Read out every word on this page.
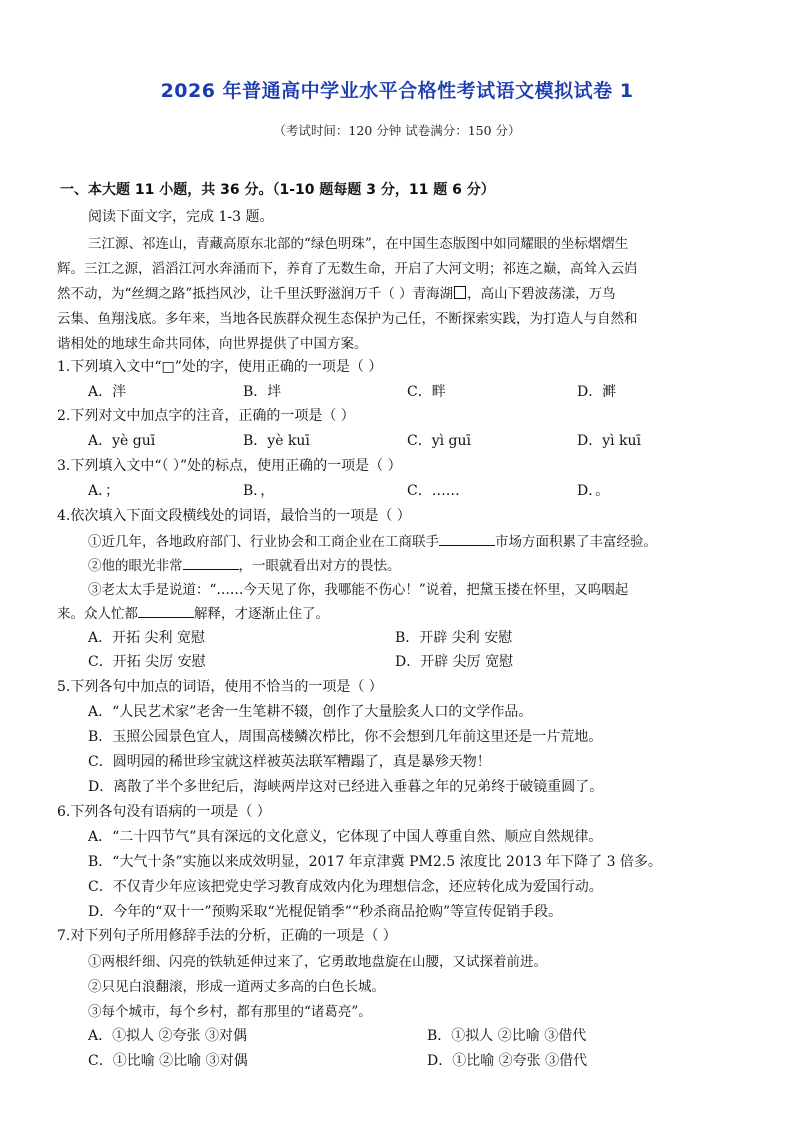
2026 年普通高中学业水平合格性考试语文模拟试卷 1
（考试时间：120 分钟 试卷满分：150 分）
一、本大题 11 小题，共 36 分。（1-10 题每题 3 分，11 题 6 分）
阅读下面文字，完成 1-3 题。
三江源、祁连山，青藏高原东北部的“绿色明珠”，在中国生态版图中如同耀眼的坐标熠熠生
辉。三江之源，滔滔江河水奔涌而下，养育了无数生命，开启了大河文明；祁连之巅，高耸入云岿
然不动，为“丝绸之路”抵挡风沙，让千里沃野滋润万千（ ）青海湖 ，高山下碧波荡漾，万鸟
云集、鱼翔浅底。多年来，当地各民族群众视生态保护为己任，不断探索实践，为打造人与自然和
谐相处的地球生命共同体，向世界提供了中国方案。
1.下列填入文中“□”处的字，使用正确的一项是（ ）
A．泮	B．坢	C．畔	D．溿
2.下列对文中加点字的注音，正确的一项是（ ）
A．yè guī	B．yè kuī	C．yì guī	D．yì kuī
3.下列填入文中“（ ）”处的标点，使用正确的一项是（ ）
A．；	B．，	C．……	D．。
4.依次填入下面文段横线处的词语，最恰当的一项是（ ）
①近几年，各地政府部门、行业协会和工商企业在工商联手	市场方面积累了丰富经验。
②他的眼光非常	，一眼就看出对方的畏怯。
③老太太手是说道：“……今天见了你，我哪能不伤心！”说着，把黛玉搂在怀里，又呜咽起
来。众人忙都	解释，才逐渐止住了。
A．开拓 尖利 宽慰	B．开辟 尖利 安慰
C．开拓 尖厉 安慰	D．开辟 尖厉 宽慰
5.下列各句中加点的词语，使用不恰当的一项是（ ）
A．“人民艺术家”老舍一生笔耕不辍，创作了大量脍炙人口的文学作品。
B．玉照公园景色宜人，周围高楼鳞次栉比，你不会想到几年前这里还是一片荒地。
C．圆明园的稀世珍宝就这样被英法联军糟蹋了，真是暴殄天物！
D．离散了半个多世纪后，海峡两岸这对已经进入垂暮之年的兄弟终于破镜重圆了。
6.下列各句没有语病的一项是（ ）
A．“二十四节气”具有深远的文化意义，它体现了中国人尊重自然、顺应自然规律。
B．“大气十条”实施以来成效明显，2017 年京津冀 PM2.5 浓度比 2013 年下降了 3 倍多。
C．不仅青少年应该把党史学习教育成效内化为理想信念，还应转化成为爱国行动。
D．今年的“双十一”预购采取“光棍促销季”“秒杀商品抢购”等宣传促销手段。
7.对下列句子所用修辞手法的分析，正确的一项是（ ）
①两根纤细、闪亮的铁轨延伸过来了，它勇敢地盘旋在山腰，又试探着前进。
②只见白浪翻滚，形成一道两丈多高的白色长城。
③每个城市，每个乡村，都有那里的“诸葛亮”。
A．①拟人 ②夸张 ③对偶	B．①拟人 ②比喻 ③借代
C．①比喻 ②比喻 ③对偶	D．①比喻 ②夸张 ③借代
